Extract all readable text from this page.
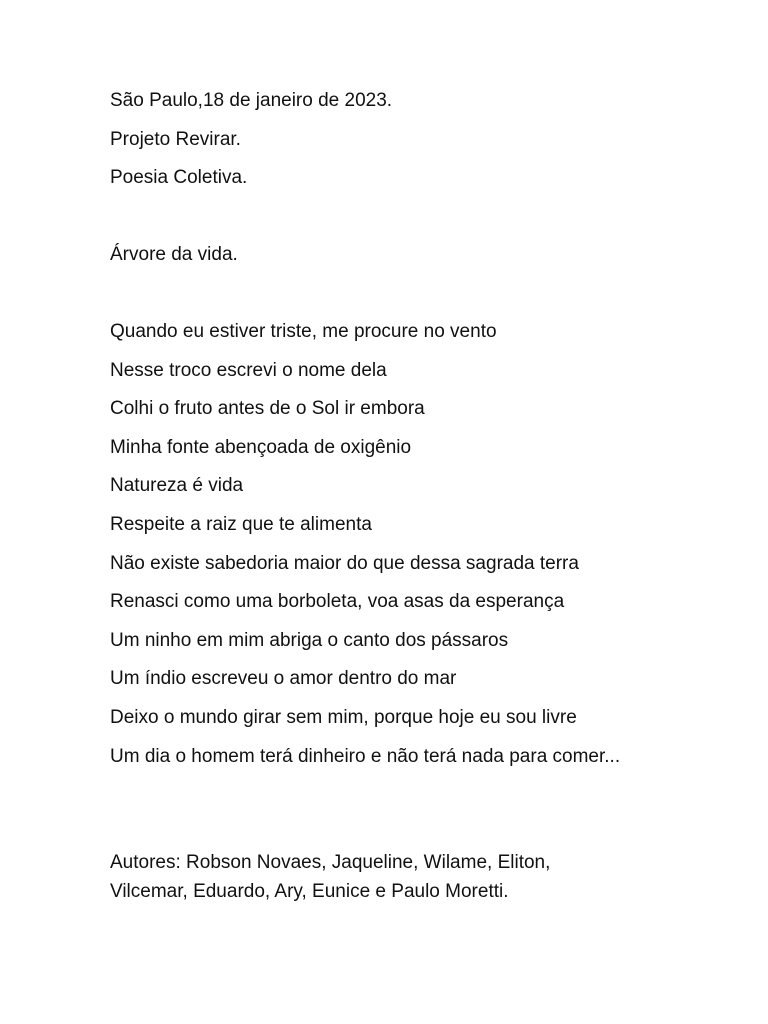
São Paulo,18 de janeiro de 2023.
Projeto Revirar.
Poesia Coletiva.
Árvore da vida.
Quando eu estiver triste, me procure no vento
Nesse troco escrevi o nome dela
Colhi o fruto antes de o Sol ir embora
Minha fonte abençoada de oxigênio
Natureza é vida
Respeite a raiz que te alimenta
Não existe sabedoria maior do que dessa sagrada terra
Renasci como uma borboleta, voa asas da esperança
Um ninho em mim abriga o canto dos pássaros
Um índio escreveu o amor dentro do mar
Deixo o mundo girar sem mim, porque hoje eu sou livre
Um dia o homem terá dinheiro e não terá nada para comer...
Autores: Robson Novaes, Jaqueline, Wilame, Eliton, Vilcemar, Eduardo, Ary, Eunice e Paulo Moretti.
